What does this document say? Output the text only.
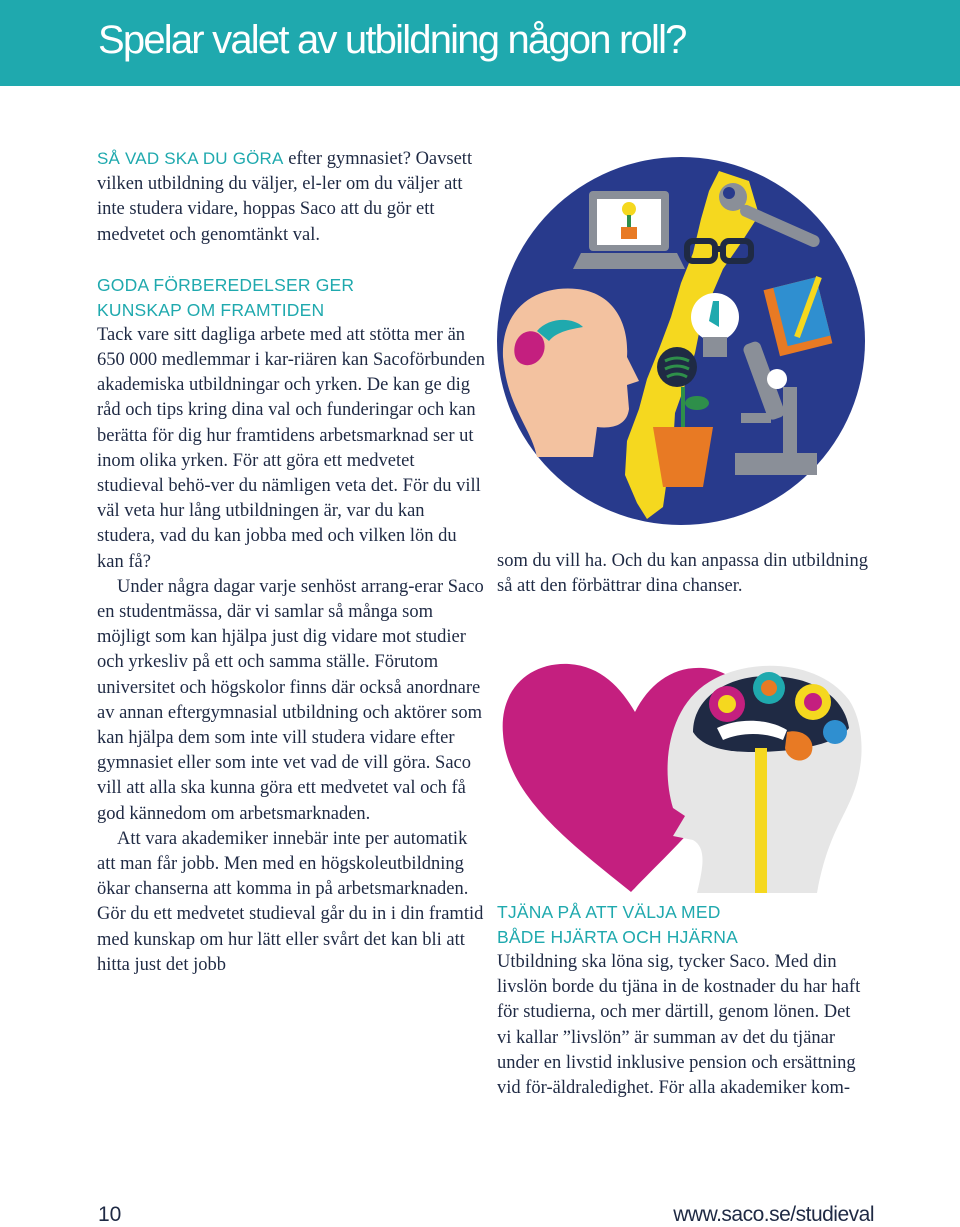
Spelar valet av utbildning någon roll?

SÅ VAD SKA DU GÖRA efter gymnasiet? Oavsett vilken utbildning du väljer, el-ler om du väljer att inte studera vidare, hoppas Saco att du gör ett medvetet och genomtänkt val.

GODA FÖRBEREDELSER GER
KUNSKAP OM FRAMTIDEN

Tack vare sitt dagliga arbete med att stötta mer än 650 000 medlemmar i kar-riären kan Sacoförbunden akademiska utbildningar och yrken. De kan ge dig råd och tips kring dina val och funderingar och kan berätta för dig hur framtidens arbetsmarknad ser ut inom olika yrken. För att göra ett medvetet studieval behö-ver du nämligen veta det. För du vill väl veta hur lång utbildningen är, var du kan studera, vad du kan jobba med och vilken lön du kan få?

Under några dagar varje senhöst arrang-erar Saco en studentmässa, där vi samlar så många som möjligt som kan hjälpa just dig vidare mot studier och yrkesliv på ett och samma ställe. Förutom universitet och högskolor finns där också anordnare av annan eftergymnasial utbildning och aktörer som kan hjälpa dem som inte vill studera vidare efter gymnasiet eller som inte vet vad de vill göra. Saco vill att alla ska kunna göra ett medvetet val och få god kännedom om arbetsmarknaden.

Att vara akademiker innebär inte per automatik att man får jobb. Men med en högskoleutbildning ökar chanserna att komma in på arbetsmarknaden. Gör du ett medvetet studieval går du in i din framtid med kunskap om hur lätt eller svårt det kan bli att hitta just det jobb

som du vill ha. Och du kan anpassa din utbildning så att den förbättrar dina chanser.

TJÄNA PÅ ATT VÄLJA MED
BÅDE HJÄRTA OCH HJÄRNA

Utbildning ska löna sig, tycker Saco. Med din livslön borde du tjäna in de kostnader du har haft för studierna, och mer därtill, genom lönen. Det vi kallar ”livslön” är summan av det du tjänar under en livstid inklusive pension och ersättning vid för-äldraledighet. För alla akademiker kom-

10	www.saco.se/studieval
